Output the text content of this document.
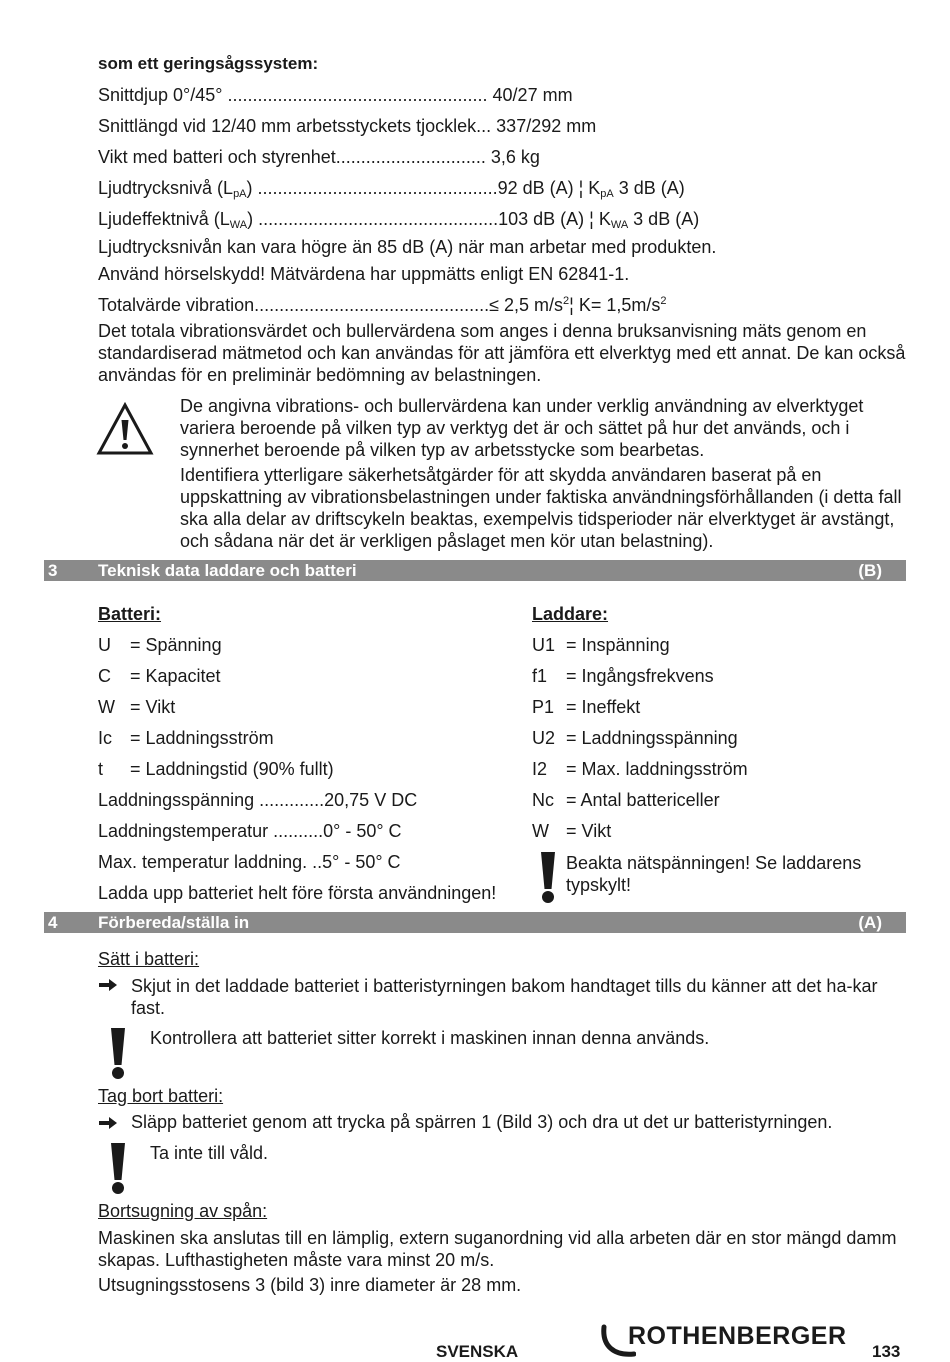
som ett geringsågssystem:
Snittdjup 0°/45° .................................................... 40/27 mm
Snittlängd vid 12/40 mm arbetsstyckets tjocklek... 337/292 mm
Vikt med batteri och styrenhet.............................. 3,6 kg
Ljudtrycksnivå $(L_{pA})$ ................................................92 dB (A) ¦ $K_{pA}$ 3 dB (A)
Ljudeffektnivå $(L_{WA})$ ................................................103 dB (A) ¦ $K_{WA}$ 3 dB (A)
Ljudtrycksnivån kan vara högre än 85 dB (A) när man arbetar med produkten.
Använd hörselskydd! Mätvärdena har uppmätts enligt EN 62841-1.
Totalvärde vibration...............................................≤ 2,5 $m/s^2¦$ $K= 1,5m/s^2$
Det totala vibrationsvärdet och bullervärdena som anges i denna bruksanvisning mäts genom en standardiserad mätmetod och kan användas för att jämföra ett elverktyg med ett annat. De kan också användas för en preliminär bedömning av belastningen.
De angivna vibrations- och bullervärdena kan under verklig användning av elverktyget variera beroende på vilken typ av verktyg det är och sättet på hur det används, och i synnerhet beroende på vilken typ av arbetsstycke som bearbetas.
Identifiera ytterligare säkerhetsåtgärder för att skydda användaren baserat på en uppskattning av vibrationsbelastningen under faktiska användningsförhållanden (i detta fall ska alla delar av driftscykeln beaktas, exempelvis tidsperioder när elverktyget är avstängt, och sådana när det är verkligen påslaget men kör utan belastning).
3 Teknisk data laddare och batteri	(B)
Batteri:
U = Spänning
C = Kapacitet
W = Vikt
Ic = Laddningsström
t = Laddningstid (90% fullt)
Laddningsspänning .............20,75 V DC
Laddningstemperatur ..........0° - 50° C
Max. temperatur laddning. ..5° - 50° C
Ladda upp batteriet helt före första användningen!
Laddare:
U1 = Inspänning
f1 = Ingångsfrekvens
P1 = Ineffekt
U2 = Laddningsspänning
I2 = Max. laddningsström
Nc = Antal battericeller
W = Vikt
Beakta nätspänningen! Se laddarens typskylt!
4 Förbereda/ställa in	(A)
Sätt i batteri:
Skjut in det laddade batteriet i batteristyrningen bakom handtaget tills du känner att det ha-kar fast.
Kontrollera att batteriet sitter korrekt i maskinen innan denna används.
Tag bort batteri:
Släpp batteriet genom att trycka på spärren 1 (Bild 3) och dra ut det ur batteristyrningen.
Ta inte till våld.
Bortsugning av spån:
Maskinen ska anslutas till en lämplig, extern suganordning vid alla arbeten där en stor mängd damm skapas. Lufthastigheten måste vara minst 20 m/s.
Utsugningsstosens 3 (bild 3) inre diameter är 28 mm.
SVENSKA
ROTHENBERGER
133
